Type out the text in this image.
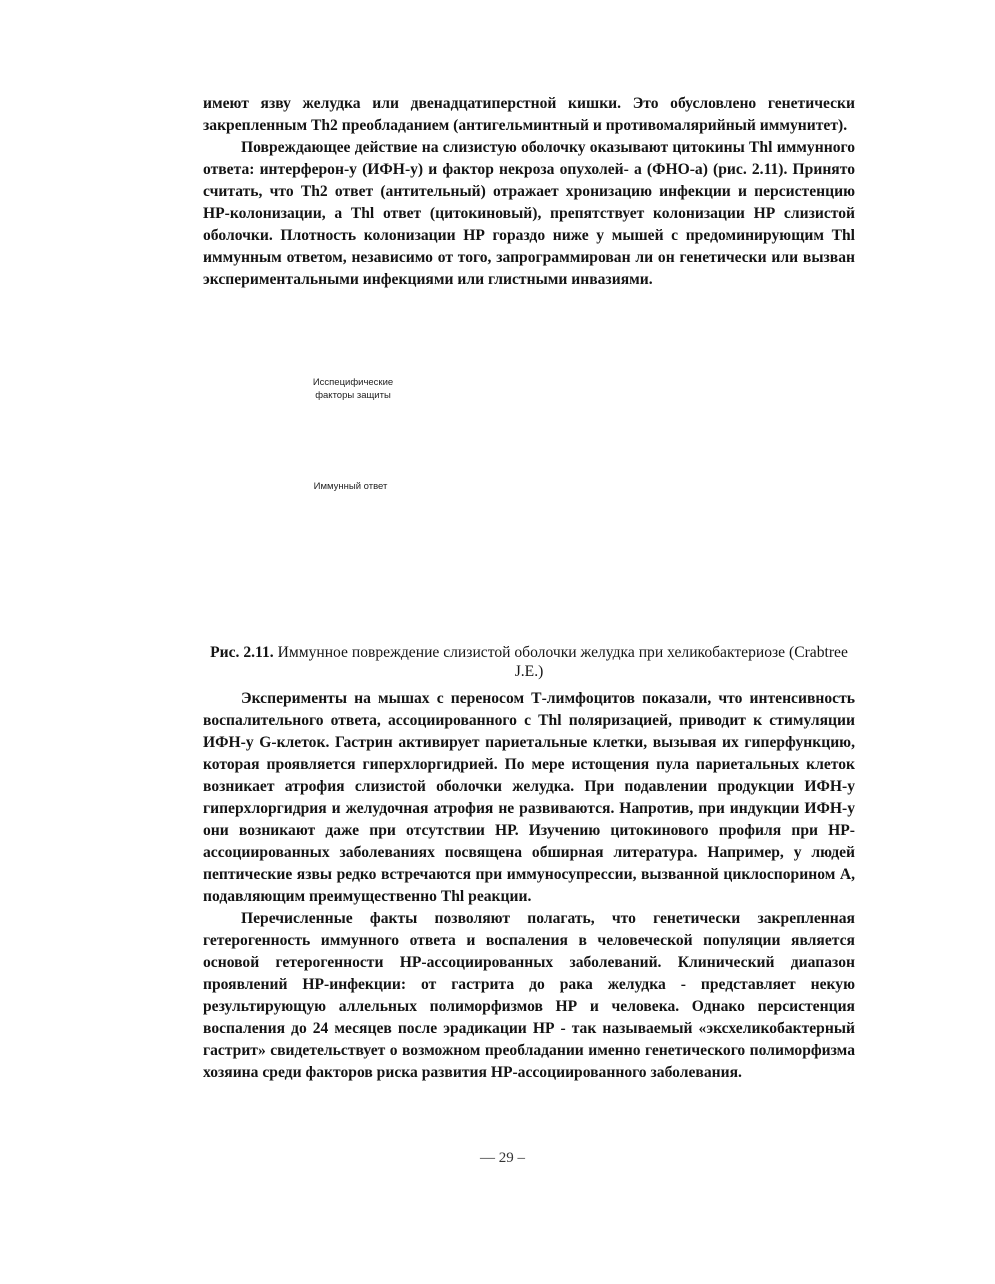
имеют язву желудка или двенадцатиперстной кишки. Это обусловлено генетически закрепленным Th2 преобладанием (антигельминтный и противомалярийный иммунитет).

Повреждающее действие на слизистую оболочку оказывают цитокины Thl иммунного ответа: интерферон-у (ИФН-у) и фактор некроза опухолей- а (ФНО-а) (рис. 2.11). Принято считать, что Th2 ответ (антительный) отражает хронизацию инфекции и персистенцию НР-колонизации, а Thl ответ (цитокиновый), препятствует колонизации НР слизистой оболочки. Плотность колонизации НР гораздо ниже у мышей с предоминирующим Thl иммунным ответом, независимо от того, запрограммирован ли он генетически или вызван экспериментальными инфекциями или глистными инвазиями.

Исспецифические
факторы защиты
Иммунный ответ
Рис. 2.11. Иммунное повреждение слизистой оболочки желудка при хеликобактериозе (Crabtree J.E.)

Эксперименты на мышах с переносом Т-лимфоцитов показали, что интенсивность воспалительного ответа, ассоциированного с Thl поляризацией, приводит к стимуляции ИФН-у G-клеток. Гастрин активирует париетальные клетки, вызывая их гиперфункцию, которая проявляется гиперхлоргидрией. По мере истощения пула париетальных клеток возникает атрофия слизистой оболочки желудка. При подавлении продукции ИФН-у гиперхлоргидрия и желудочная атрофия не развиваются. Напротив, при индукции ИФН-у они возникают даже при отсутствии НР. Изучению цитокинового профиля при НР-ассоциированных заболеваниях посвящена обширная литература. Например, у людей пептические язвы редко встречаются при иммуносупрессии, вызванной циклоспорином А, подавляющим преимущественно Thl реакции.

Перечисленные факты позволяют полагать, что генетически закрепленная гетерогенность иммунного ответа и воспаления в человеческой популяции является основой гетерогенности НР-ассоциированных заболеваний. Клинический диапазон проявлений НР-инфекции: от гастрита до рака желудка - представляет некую результирующую аллельных полиморфизмов НР и человека. Однако персистенция воспаления до 24 месяцев после эрадикации НР - так называемый «эксхеликобактерный гастрит» свидетельствует о возможном преобладании именно генетического полиморфизма хозяина среди факторов риска развития НР-ассоциированного заболевания.

— 29 –
